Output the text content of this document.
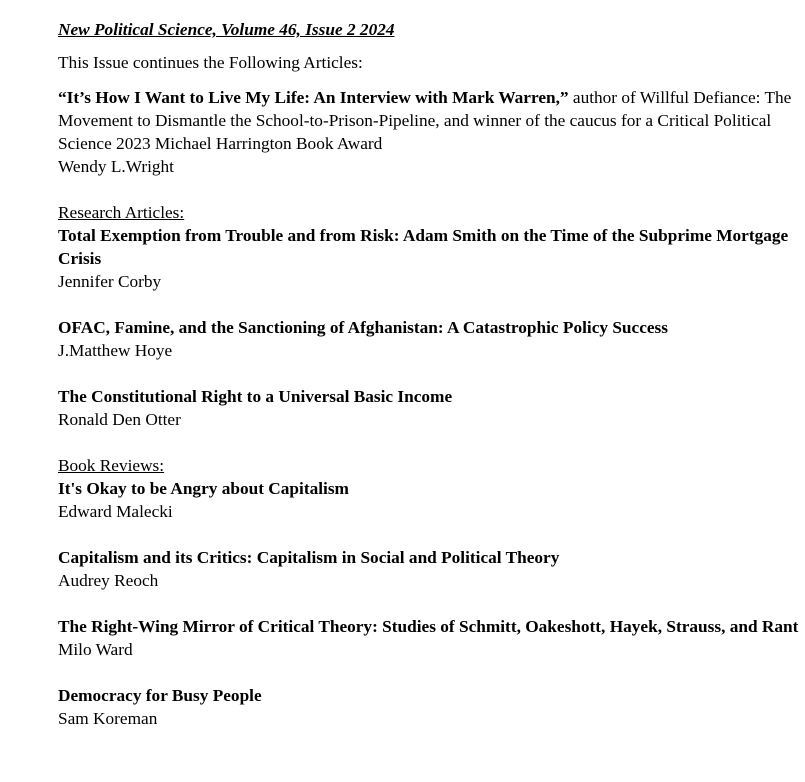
New Political Science, Volume 46, Issue 2 2024

This Issue continues the Following Articles:

“It’s How I Want to Live My Life: An Interview with Mark Warren,” author of Willful Defiance: The Movement to Dismantle the School-to-Prison-Pipeline, and winner of the caucus for a Critical Political Science 2023 Michael Harrington Book Award

Wendy L.Wright

Research Articles:

Total Exemption from Trouble and from Risk: Adam Smith on the Time of the Subprime Mortgage Crisis

Jennifer Corby

OFAC, Famine, and the Sanctioning of Afghanistan: A Catastrophic Policy Success

J.Matthew Hoye

The Constitutional Right to a Universal Basic Income

Ronald Den Otter

Book Reviews:

It's Okay to be Angry about Capitalism

Edward Malecki

Capitalism and its Critics: Capitalism in Social and Political Theory

Audrey Reoch

The Right-Wing Mirror of Critical Theory: Studies of Schmitt, Oakeshott, Hayek, Strauss, and Rant

Milo Ward

Democracy for Busy People

Sam Koreman
